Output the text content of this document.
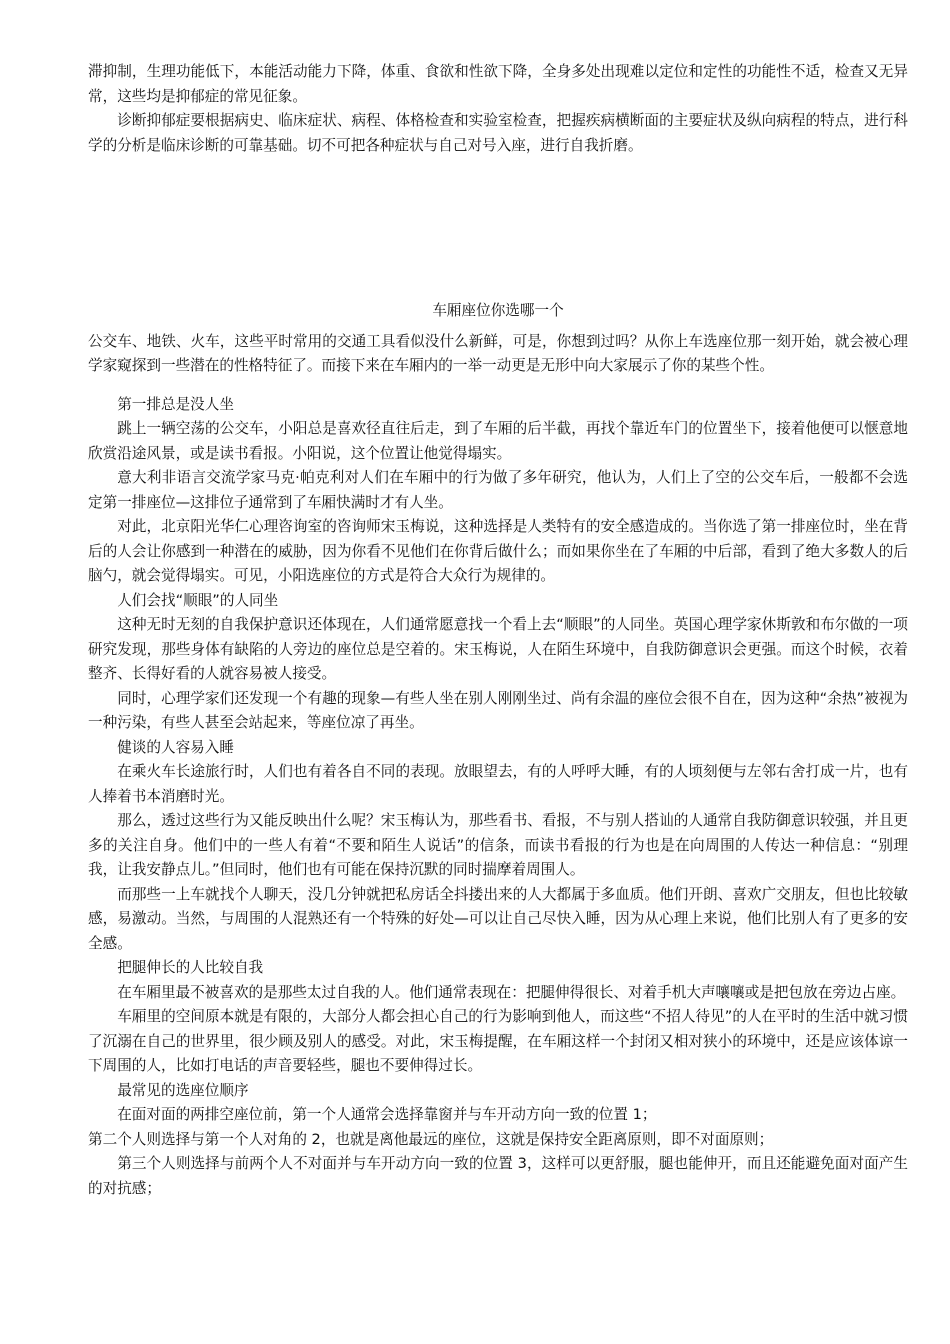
滞抑制，生理功能低下，本能活动能力下降，体重、食欲和性欲下降，全身多处出现难以定位和定性的功能性不适，检查又无异常，这些均是抑郁症的常见征象。

诊断抑郁症要根据病史、临床症状、病程、体格检查和实验室检查，把握疾病横断面的主要症状及纵向病程的特点，进行科学的分析是临床诊断的可靠基础。切不可把各种症状与自己对号入座，进行自我折磨。

车厢座位你选哪一个

公交车、地铁、火车，这些平时常用的交通工具看似没什么新鲜，可是，你想到过吗？从你上车选座位那一刻开始，就会被心理学家窥探到一些潜在的性格特征了。而接下来在车厢内的一举一动更是无形中向大家展示了你的某些个性。

第一排总是没人坐

跳上一辆空荡的公交车，小阳总是喜欢径直往后走，到了车厢的后半截，再找个靠近车门的位置坐下，接着他便可以惬意地欣赏沿途风景，或是读书看报。小阳说，这个位置让他觉得塌实。

意大利非语言交流学家马克·帕克利对人们在车厢中的行为做了多年研究，他认为，人们上了空的公交车后，一般都不会选定第一排座位—这排位子通常到了车厢快满时才有人坐。

对此，北京阳光华仁心理咨询室的咨询师宋玉梅说，这种选择是人类特有的安全感造成的。当你选了第一排座位时，坐在背后的人会让你感到一种潜在的威胁，因为你看不见他们在你背后做什么；而如果你坐在了车厢的中后部，看到了绝大多数人的后脑勺，就会觉得塌实。可见，小阳选座位的方式是符合大众行为规律的。

人们会找“顺眼”的人同坐

这种无时无刻的自我保护意识还体现在，人们通常愿意找一个看上去“顺眼”的人同坐。英国心理学家休斯敦和布尔做的一项研究发现，那些身体有缺陷的人旁边的座位总是空着的。宋玉梅说，人在陌生环境中，自我防御意识会更强。而这个时候，衣着整齐、长得好看的人就容易被人接受。

同时，心理学家们还发现一个有趣的现象—有些人坐在别人刚刚坐过、尚有余温的座位会很不自在，因为这种“余热”被视为一种污染，有些人甚至会站起来，等座位凉了再坐。

健谈的人容易入睡

在乘火车长途旅行时，人们也有着各自不同的表现。放眼望去，有的人呼呼大睡，有的人顷刻便与左邻右舍打成一片，也有人捧着书本消磨时光。

那么，透过这些行为又能反映出什么呢？宋玉梅认为，那些看书、看报，不与别人搭讪的人通常自我防御意识较强，并且更多的关注自身。他们中的一些人有着“不要和陌生人说话”的信条，而读书看报的行为也是在向周围的人传达一种信息：“别理我，让我安静点儿。”但同时，他们也有可能在保持沉默的同时揣摩着周围人。

而那些一上车就找个人聊天，没几分钟就把私房话全抖搂出来的人大都属于多血质。他们开朗、喜欢广交朋友，但也比较敏感，易激动。当然，与周围的人混熟还有一个特殊的好处—可以让自己尽快入睡，因为从心理上来说，他们比别人有了更多的安全感。

把腿伸长的人比较自我

在车厢里最不被喜欢的是那些太过自我的人。他们通常表现在：把腿伸得很长、对着手机大声嚷嚷或是把包放在旁边占座。

车厢里的空间原本就是有限的，大部分人都会担心自己的行为影响到他人，而这些“不招人待见”的人在平时的生活中就习惯了沉溺在自己的世界里，很少顾及别人的感受。对此，宋玉梅提醒，在车厢这样一个封闭又相对狭小的环境中，还是应该体谅一下周围的人，比如打电话的声音要轻些，腿也不要伸得过长。

最常见的选座位顺序

在面对面的两排空座位前，第一个人通常会选择靠窗并与车开动方向一致的位置 1；

第二个人则选择与第一个人对角的 2，也就是离他最远的座位，这就是保持安全距离原则，即不对面原则；

第三个人则选择与前两个人不对面并与车开动方向一致的位置 3，这样可以更舒服，腿也能伸开，而且还能避免面对面产生的对抗感；
